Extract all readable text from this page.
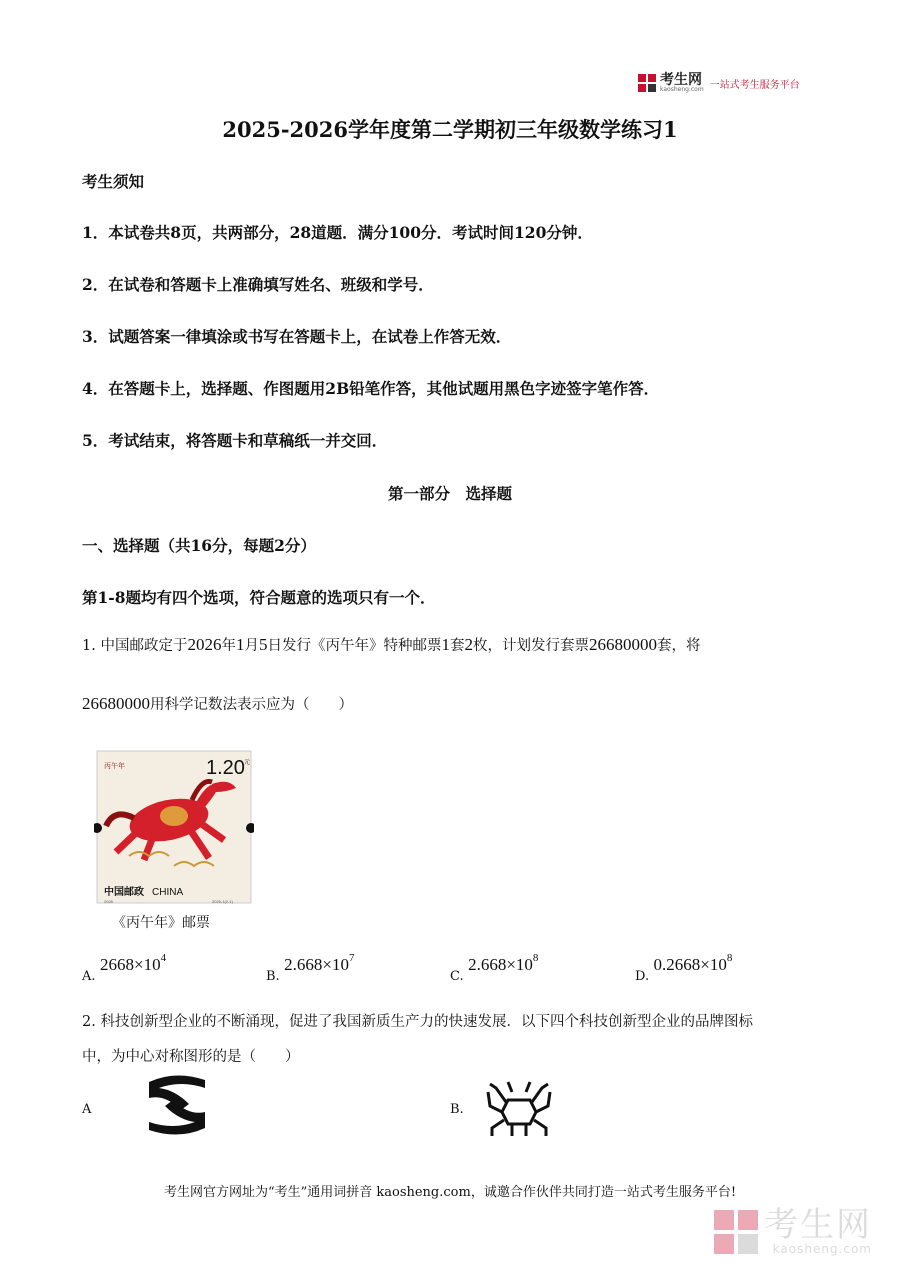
考生网
kaosheng.com 一站式考生服务平台
2025-2026学年度第二学期初三年级数学练习1
考生须知
1．本试卷共8页，共两部分，28道题．满分100分．考试时间120分钟．
2．在试卷和答题卡上准确填写姓名、班级和学号．
3．试题答案一律填涂或书写在答题卡上，在试卷上作答无效．
4．在答题卡上，选择题、作图题用2B铅笔作答，其他试题用黑色字迹签字笔作答．
5．考试结束，将答题卡和草稿纸一并交回．
第一部分　选择题
一、选择题（共16分，每题2分）
第1-8题均有四个选项，符合题意的选项只有一个．
1. 中国邮政定于2026年1月5日发行《丙午年》特种邮票1套2枚，计划发行套票26680000套，将
26680000用科学记数法表示应为（　　）
1.20 元
丙午年
中国邮政 CHINA
2026	2026-1(2-1)
《丙午年》邮票
A. $2668\times 10^4$
B. $2.668\times 10^7$
C. $2.668\times 10^8$
D. $0.2668\times 10^8$
2. 科技创新型企业的不断涌现，促进了我国新质生产力的快速发展．以下四个科技创新型企业的品牌图标
中，为中心对称图形的是（　　）
A	B.
考生网官方网址为“考生”通用词拼音 kaosheng.com，诚邀合作伙伴共同打造一站式考生服务平台!
考生网
kaosheng.com
